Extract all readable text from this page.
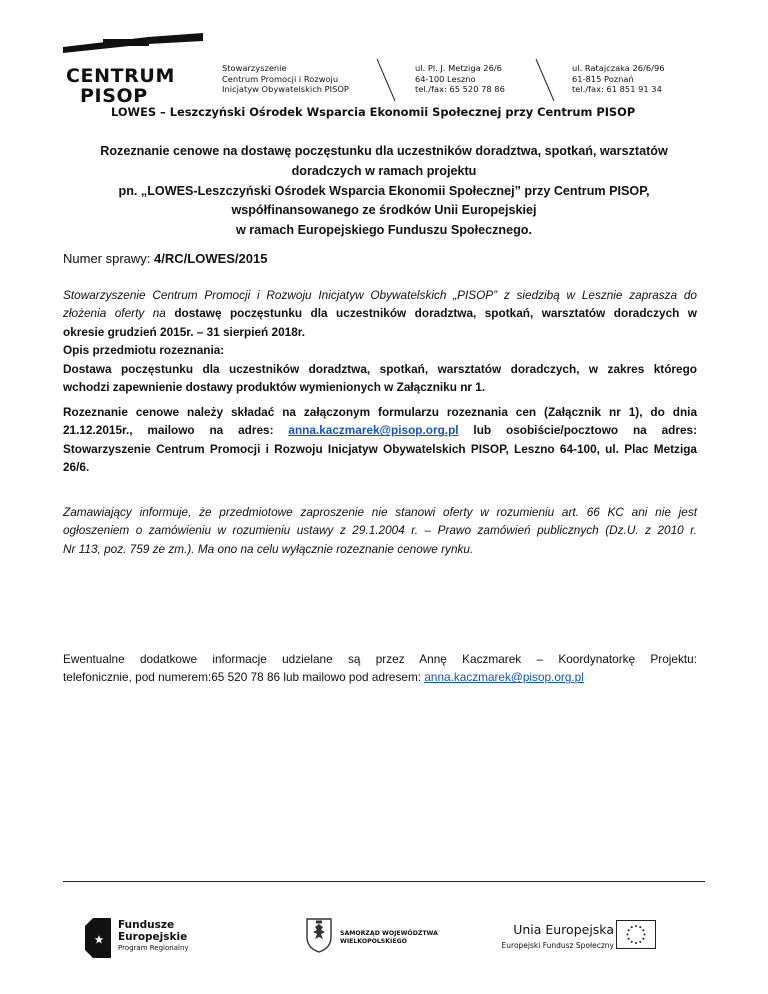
CENTRUM
PISOP
Stowarzyszenie
Centrum Promocji i Rozwoju
Inicjatyw Obywatelskich PISOP
ul. Pl. J. Metziga 26/6
64-100 Leszno
tel./fax: 65 520 78 86
ul. Ratajczaka 26/6/96
61-815 Poznań
tel./fax: 61 851 91 34
LOWES – Leszczyński Ośrodek Wsparcia Ekonomii Społecznej przy Centrum PISOP
Rozeznanie cenowe na dostawę poczęstunku dla uczestników doradztwa, spotkań, warsztatów
doradczych w ramach projektu
pn. „LOWES-Leszczyński Ośrodek Wsparcia Ekonomii Społecznej” przy Centrum PISOP,
współfinansowanego ze środków Unii Europejskiej
w ramach Europejskiego Funduszu Społecznego.
Numer sprawy: 4/RC/LOWES/2015
Stowarzyszenie Centrum Promocji i Rozwoju Inicjatyw Obywatelskich „PISOP” z siedzibą w Lesznie zaprasza do
złożenia oferty na dostawę poczęstunku dla uczestników doradztwa, spotkań, warsztatów doradczych w
okresie grudzień 2015r. – 31 sierpień 2018r.
Opis przedmiotu rozeznania:
Dostawa poczęstunku dla uczestników doradztwa, spotkań, warsztatów doradczych, w zakres którego
wchodzi zapewnienie dostawy produktów wymienionych w Załączniku nr 1.
Rozeznanie cenowe należy składać na załączonym formularzu rozeznania cen (Załącznik nr 1), do dnia
21.12.2015r., mailowo na adres: anna.kaczmarek@pisop.org.pl lub osobiście/pocztowo na adres:
Stowarzyszenie Centrum Promocji i Rozwoju Inicjatyw Obywatelskich PISOP, Leszno 64-100, ul. Plac Metziga
26/6.
Zamawiający informuje, że przedmiotowe zaproszenie nie stanowi oferty w rozumieniu art. 66 KC ani nie jest
ogłoszeniem o zamówieniu w rozumieniu ustawy z 29.1.2004 r. – Prawo zamówień publicznych (Dz.U. z 2010 r.
Nr 113, poz. 759 ze zm.). Ma ono na celu wyłącznie rozeznanie cenowe rynku.
Ewentualne dodatkowe informacje udzielane są przez Annę Kaczmarek – Koordynatorkę Projektu:
telefonicznie, pod numerem:65 520 78 86 lub mailowo pod adresem: anna.kaczmarek@pisop.org.pl
Fundusze
Europejskie
Program Regionalny
SAMORZĄD WOJEWÓDZTWA
WIELKOPOLSKIEGO
Unia Europejska
Europejski Fundusz Społeczny
